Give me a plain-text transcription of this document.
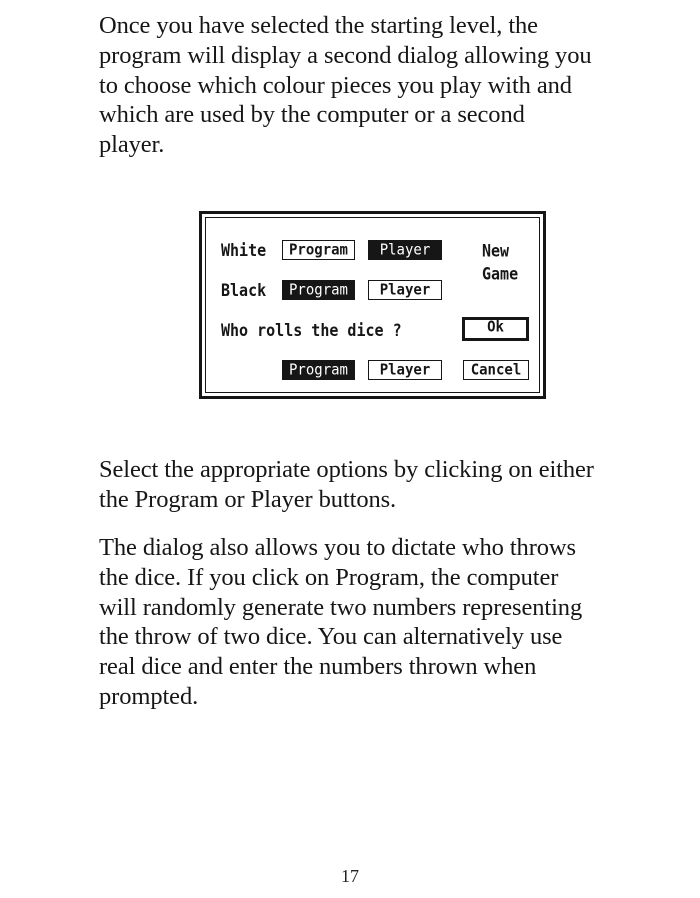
Once you have selected the starting level, the
program will display a second dialog allowing you
to choose which colour pieces you play with and
which are used by the computer or a second
player.

White	Program	Player	New
Game
Black	Program	Player
Who rolls the dice ?	Ok
Program	Player	Cancel

Select the appropriate options by clicking on either
the Program or Player buttons.

The dialog also allows you to dictate who throws
the dice. If you click on Program, the computer
will randomly generate two numbers representing
the throw of two dice. You can alternatively use
real dice and enter the numbers thrown when
prompted.

17
